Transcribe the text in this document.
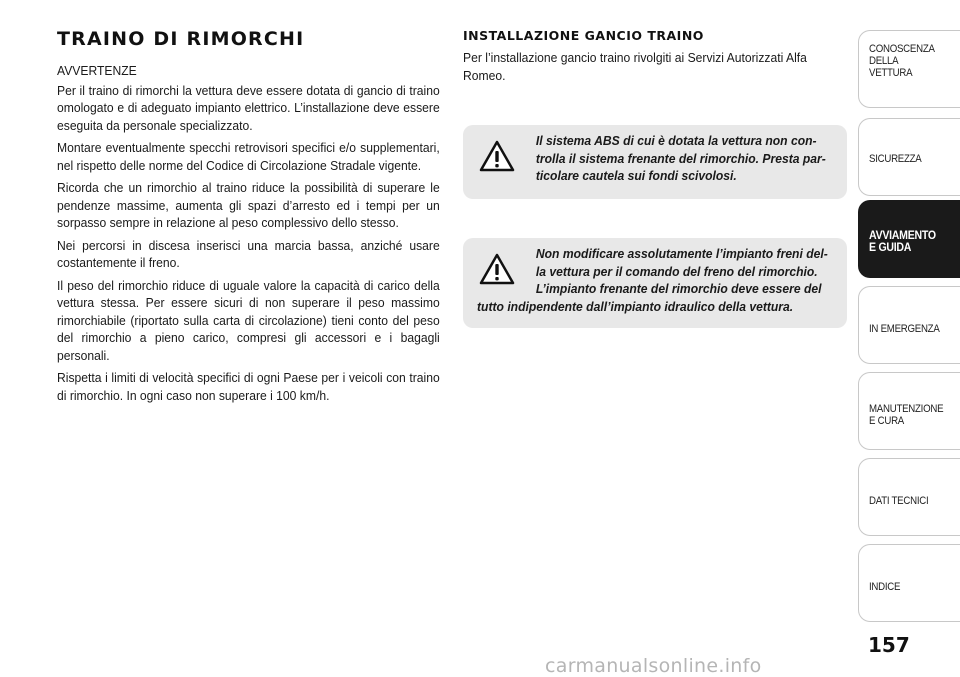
TRAINO DI RIMORCHI

AVVERTENZE

Per il traino di rimorchi la vettura deve essere dotata di gancio di traino omologato e di adeguato impianto elettrico. L’installazione deve essere eseguita da personale specializzato.

Montare eventualmente specchi retrovisori specifici e/o supplementari, nel rispetto delle norme del Codice di Circolazione Stradale vigente.

Ricorda che un rimorchio al traino riduce la possibilità di superare le pendenze massime, aumenta gli spazi d’arresto ed i tempi per un sorpasso sempre in relazione al peso complessivo dello stesso.

Nei percorsi in discesa inserisci una marcia bassa, anziché usare costantemente il freno.

Il peso del rimorchio riduce di uguale valore la capacità di carico della vettura stessa. Per essere sicuri di non superare il peso massimo rimorchiabile (riportato sulla carta di circolazione) tieni conto del peso del rimorchio a pieno carico, compresi gli accessori e i bagagli personali.

Rispetta i limiti di velocità specifici di ogni Paese per i veicoli con traino di rimorchio. In ogni caso non superare i 100 km/h.

INSTALLAZIONE GANCIO TRAINO

Per l’installazione gancio traino rivolgiti ai Servizi Autorizzati Alfa Romeo.

Il sistema ABS di cui è dotata la vettura non con-
trolla il sistema frenante del rimorchio. Presta par-
ticolare cautela sui fondi scivolosi.
Non modificare assolutamente l’impianto freni del-
la vettura per il comando del freno del rimorchio.
L’impianto frenante del rimorchio deve essere del
tutto indipendente dall’impianto idraulico della vettura.
CONOSCENZA
DELLA
VETTURA
SICUREZZA
AVVIAMENTO
E GUIDA
IN EMERGENZA
MANUTENZIONE
E CURA
DATI TECNICI
INDICE
157
carmanualsonline.info
